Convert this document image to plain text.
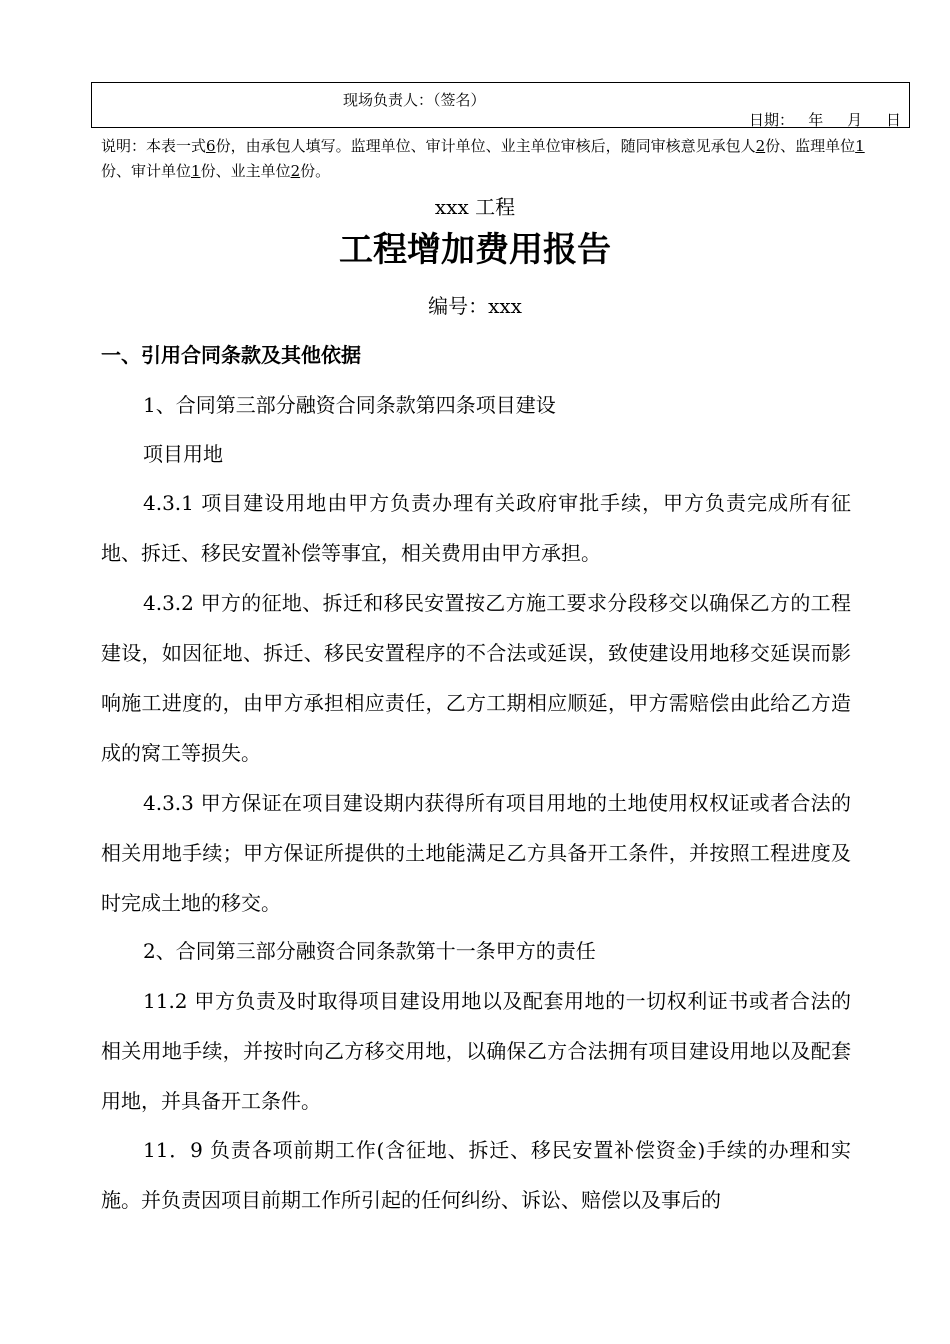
现场负责人：（签名）
日期：   年     月     日
说明：本表一式6份，由承包人填写。监理单位、审计单位、业主单位审核后，随同审核意见承包人2份、监理单位1份、审计单位1份、业主单位2份。
xxx 工程
工程增加费用报告
编号：xxx
一、引用合同条款及其他依据

1、合同第三部分融资合同条款第四条项目建设

项目用地

4.3.1 项目建设用地由甲方负责办理有关政府审批手续，甲方负责完成所有征地、拆迁、移民安置补偿等事宜，相关费用由甲方承担。

4.3.2 甲方的征地、拆迁和移民安置按乙方施工要求分段移交以确保乙方的工程建设，如因征地、拆迁、移民安置程序的不合法或延误，致使建设用地移交延误而影响施工进度的，由甲方承担相应责任，乙方工期相应顺延，甲方需赔偿由此给乙方造成的窝工等损失。

4.3.3 甲方保证在项目建设期内获得所有项目用地的土地使用权权证或者合法的相关用地手续；甲方保证所提供的土地能满足乙方具备开工条件，并按照工程进度及时完成土地的移交。

2、合同第三部分融资合同条款第十一条甲方的责任

11.2 甲方负责及时取得项目建设用地以及配套用地的一切权利证书或者合法的相关用地手续，并按时向乙方移交用地，以确保乙方合法拥有项目建设用地以及配套用地，并具备开工条件。

11．9 负责各项前期工作(含征地、拆迁、移民安置补偿资金)手续的办理和实施。并负责因项目前期工作所引起的任何纠纷、诉讼、赔偿以及事后的
